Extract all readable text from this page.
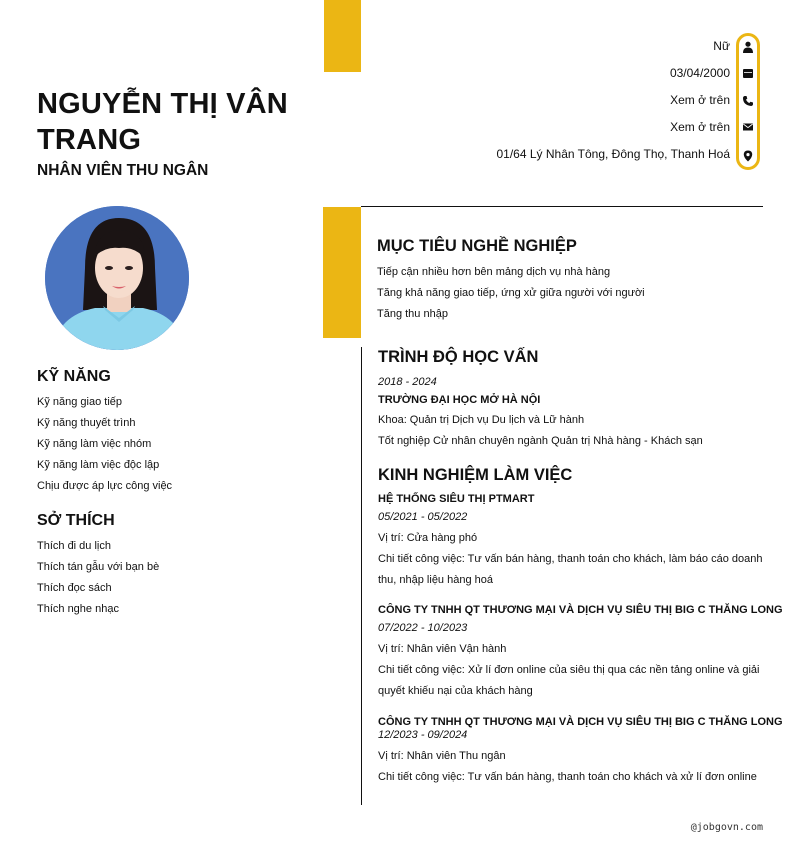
NGUYỄN THỊ VÂN TRANG
NHÂN VIÊN THU NGÂN
KỸ NĂNG
Kỹ năng giao tiếp
Kỹ năng thuyết trình
Kỹ năng làm việc nhóm
Kỹ năng làm việc độc lập
Chịu được áp lực công việc
SỞ THÍCH
Thích đi du lịch
Thích tán gẫu với bạn bè
Thích đọc sách
Thích nghe nhạc
Nữ
03/04/2000
Xem ở trên
Xem ở trên
01/64 Lý Nhân Tông, Đông Thọ, Thanh Hoá
MỤC TIÊU NGHỀ NGHIỆP
Tiếp cận nhiều hơn bên mảng dịch vụ nhà hàng
Tăng khả năng giao tiếp, ứng xử giữa người với người
Tăng thu nhập
TRÌNH ĐỘ HỌC VẤN
2018 - 2024
TRƯỜNG ĐẠI HỌC MỞ HÀ NỘI
Khoa: Quản trị Dịch vụ Du lịch và Lữ hành
Tốt nghiệp Cử nhân chuyên ngành Quản trị Nhà hàng - Khách sạn
KINH NGHIỆM LÀM VIỆC
HỆ THỐNG SIÊU THỊ PTMART
05/2021 - 05/2022
Vị trí: Cửa hàng phó
Chi tiết công việc: Tư vấn bán hàng, thanh toán cho khách, làm báo cáo doanh
thu, nhập liệu hàng hoá
CÔNG TY TNHH QT THƯƠNG MẠI VÀ DỊCH VỤ SIÊU THỊ BIG C THĂNG LONG
07/2022 - 10/2023
Vị trí: Nhân viên Vận hành
Chi tiết công việc: Xử lí đơn online của siêu thị qua các nền tảng online và giải
quyết khiếu nại của khách hàng
CÔNG TY TNHH QT THƯƠNG MẠI VÀ DỊCH VỤ SIÊU THỊ BIG C THĂNG LONG
12/2023 - 09/2024
Vị trí: Nhân viên Thu ngân
Chi tiết công việc: Tư vấn bán hàng, thanh toán cho khách và xử lí đơn online
@jobgovn.com
